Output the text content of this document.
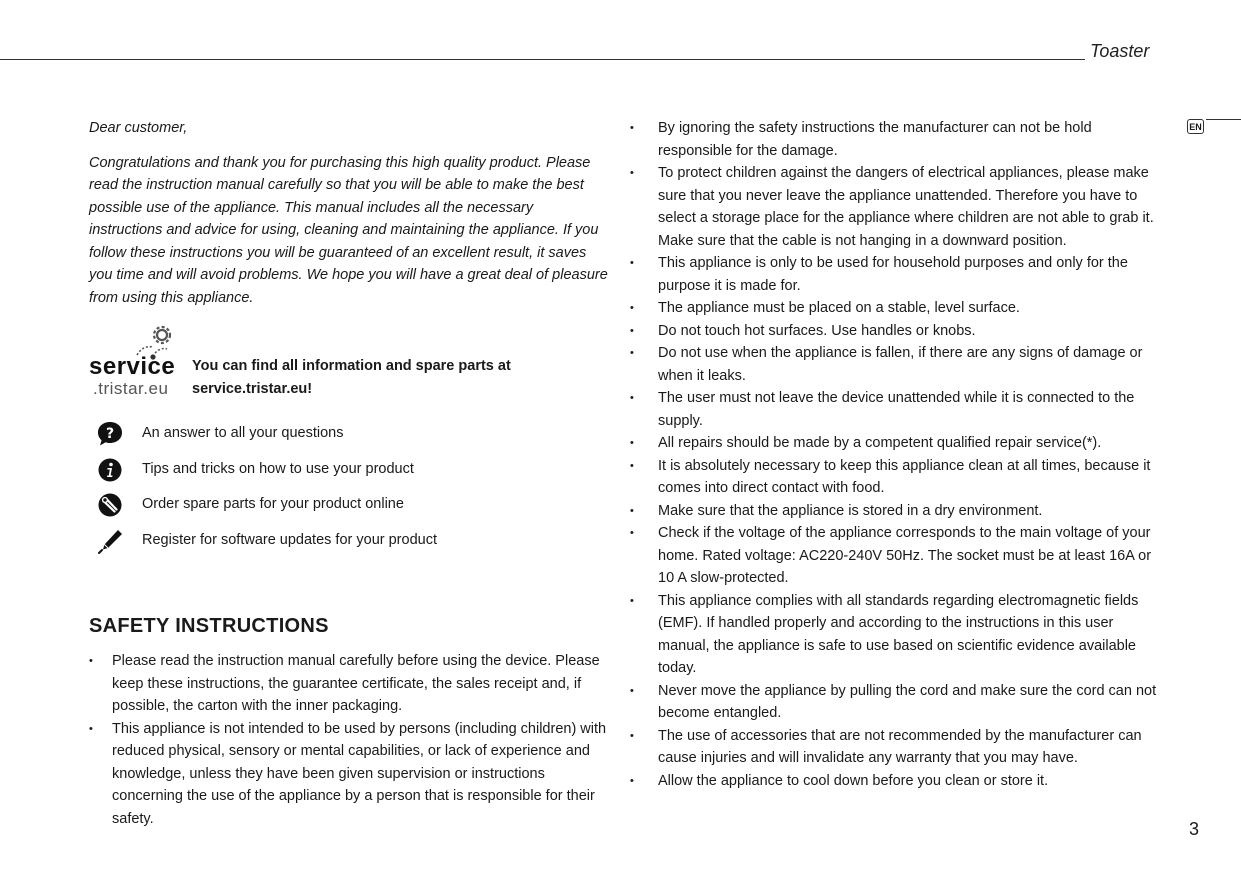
Toaster
EN

Dear customer,

Congratulations and thank you for purchasing this high quality product. Please read the instruction manual carefully so that you will be able to make the best possible use of the appliance. This manual includes all the necessary instructions and advice for using, cleaning and maintaining the appliance. If you follow these instructions you will be guaranteed of an excellent result, it saves you time and will avoid problems. We hope you will have a great deal of pleasure from using this appliance.

service
.tristar.eu
You can find all information and spare parts at
service.tristar.eu!
? An answer to all your questions
Tips and tricks on how to use your product
Order spare parts for your product online
Register for software updates for your product
SAFETY INSTRUCTIONS
• Please read the instruction manual carefully before using the device. Please keep these instructions, the guarantee certificate, the sales receipt and, if possible, the carton with the inner packaging.
• This appliance is not intended to be used by persons (including children) with reduced physical, sensory or mental capabilities, or lack of experience and knowledge, unless they have been given supervision or instructions concerning the use of the appliance by a person that is responsible for their safety.
• By ignoring the safety instructions the manufacturer can not be hold responsible for the damage.
• To protect children against the dangers of electrical appliances, please make sure that you never leave the appliance unattended. Therefore you have to select a storage place for the appliance where children are not able to grab it. Make sure that the cable is not hanging in a downward position.
• This appliance is only to be used for household purposes and only for the purpose it is made for.
• The appliance must be placed on a stable, level surface.
• Do not touch hot surfaces. Use handles or knobs.
• Do not use when the appliance is fallen, if there are any signs of damage or when it leaks.
• The user must not leave the device unattended while it is connected to the supply.
• All repairs should be made by a competent qualified repair service(*).
• It is absolutely necessary to keep this appliance clean at all times, because it comes into direct contact with food.
• Make sure that the appliance is stored in a dry environment.
• Check if the voltage of the appliance corresponds to the main voltage of your home. Rated voltage: AC220-240V 50Hz. The socket must be at least 16A or 10 A slow-protected.
• This appliance complies with all standards regarding electromagnetic fields (EMF). If handled properly and according to the instructions in this user manual, the appliance is safe to use based on scientific evidence available today.
• Never move the appliance by pulling the cord and make sure the cord can not become entangled.
• The use of accessories that are not recommended by the manufacturer can cause injuries and will invalidate any warranty that you may have.
• Allow the appliance to cool down before you clean or store it.
3
